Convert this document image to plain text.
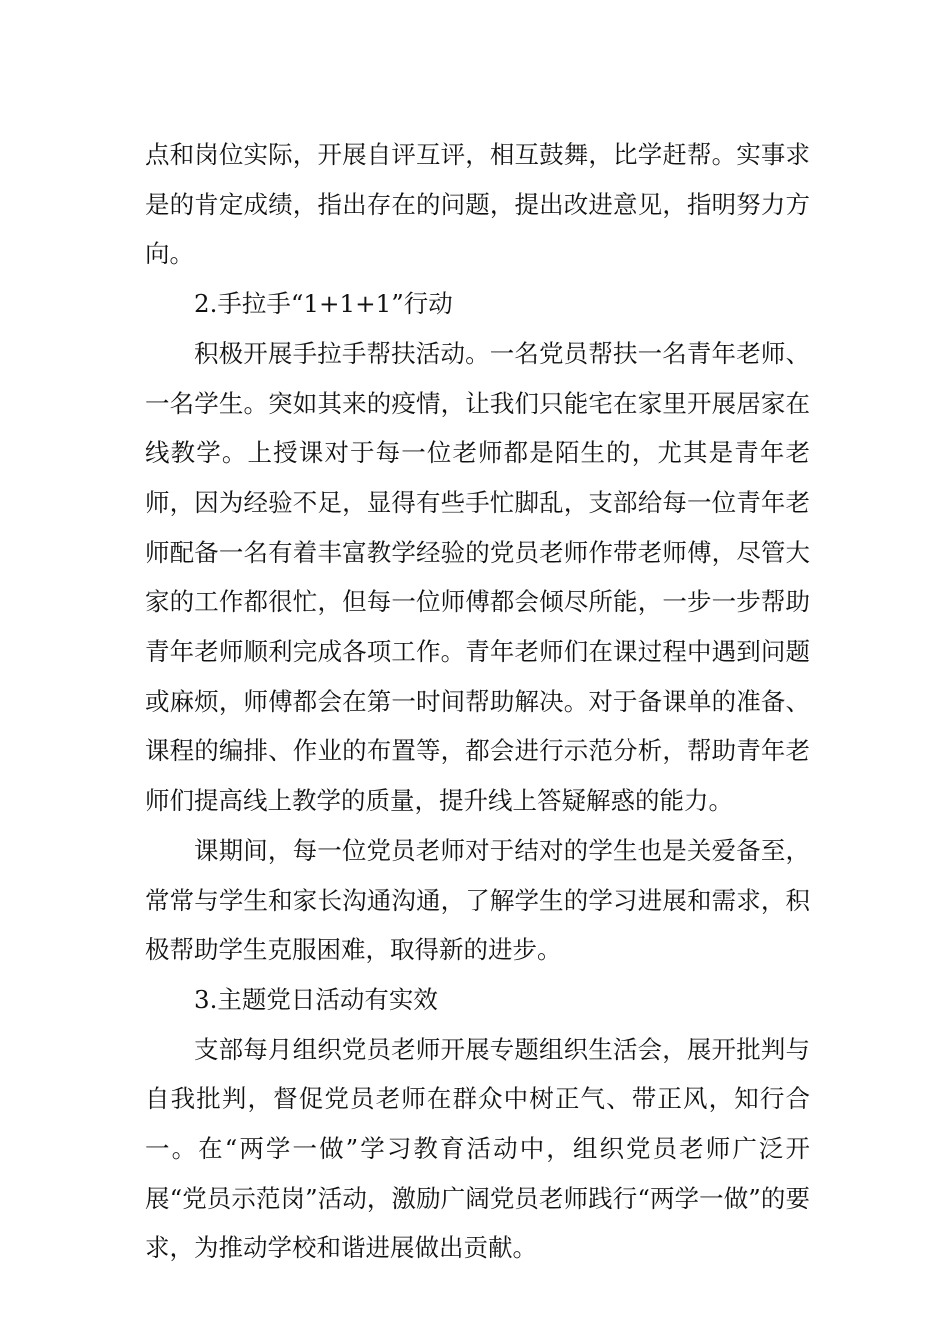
点和岗位实际，开展自评互评，相互鼓舞，比学赶帮。实事求是的肯定成绩，指出存在的问题，提出改进意见，指明努力方向。

2.手拉手“1+1+1”行动

积极开展手拉手帮扶活动。一名党员帮扶一名青年老师、一名学生。突如其来的疫情，让我们只能宅在家里开展居家在线教学。上授课对于每一位老师都是陌生的，尤其是青年老师，因为经验不足，显得有些手忙脚乱，支部给每一位青年老师配备一名有着丰富教学经验的党员老师作带老师傅，尽管大家的工作都很忙，但每一位师傅都会倾尽所能，一步一步帮助青年老师顺利完成各项工作。青年老师们在课过程中遇到问题或麻烦，师傅都会在第一时间帮助解决。对于备课单的准备、课程的编排、作业的布置等，都会进行示范分析，帮助青年老师们提高线上教学的质量，提升线上答疑解惑的能力。

课期间，每一位党员老师对于结对的学生也是关爱备至，常常与学生和家长沟通沟通，了解学生的学习进展和需求，积极帮助学生克服困难，取得新的进步。

3.主题党日活动有实效

支部每月组织党员老师开展专题组织生活会，展开批判与自我批判，督促党员老师在群众中树正气、带正风，知行合一。在“两学一做”学习教育活动中，组织党员老师广泛开展“党员示范岗”活动，激励广阔党员老师践行“两学一做”的要求，为推动学校和谐进展做出贡献。
